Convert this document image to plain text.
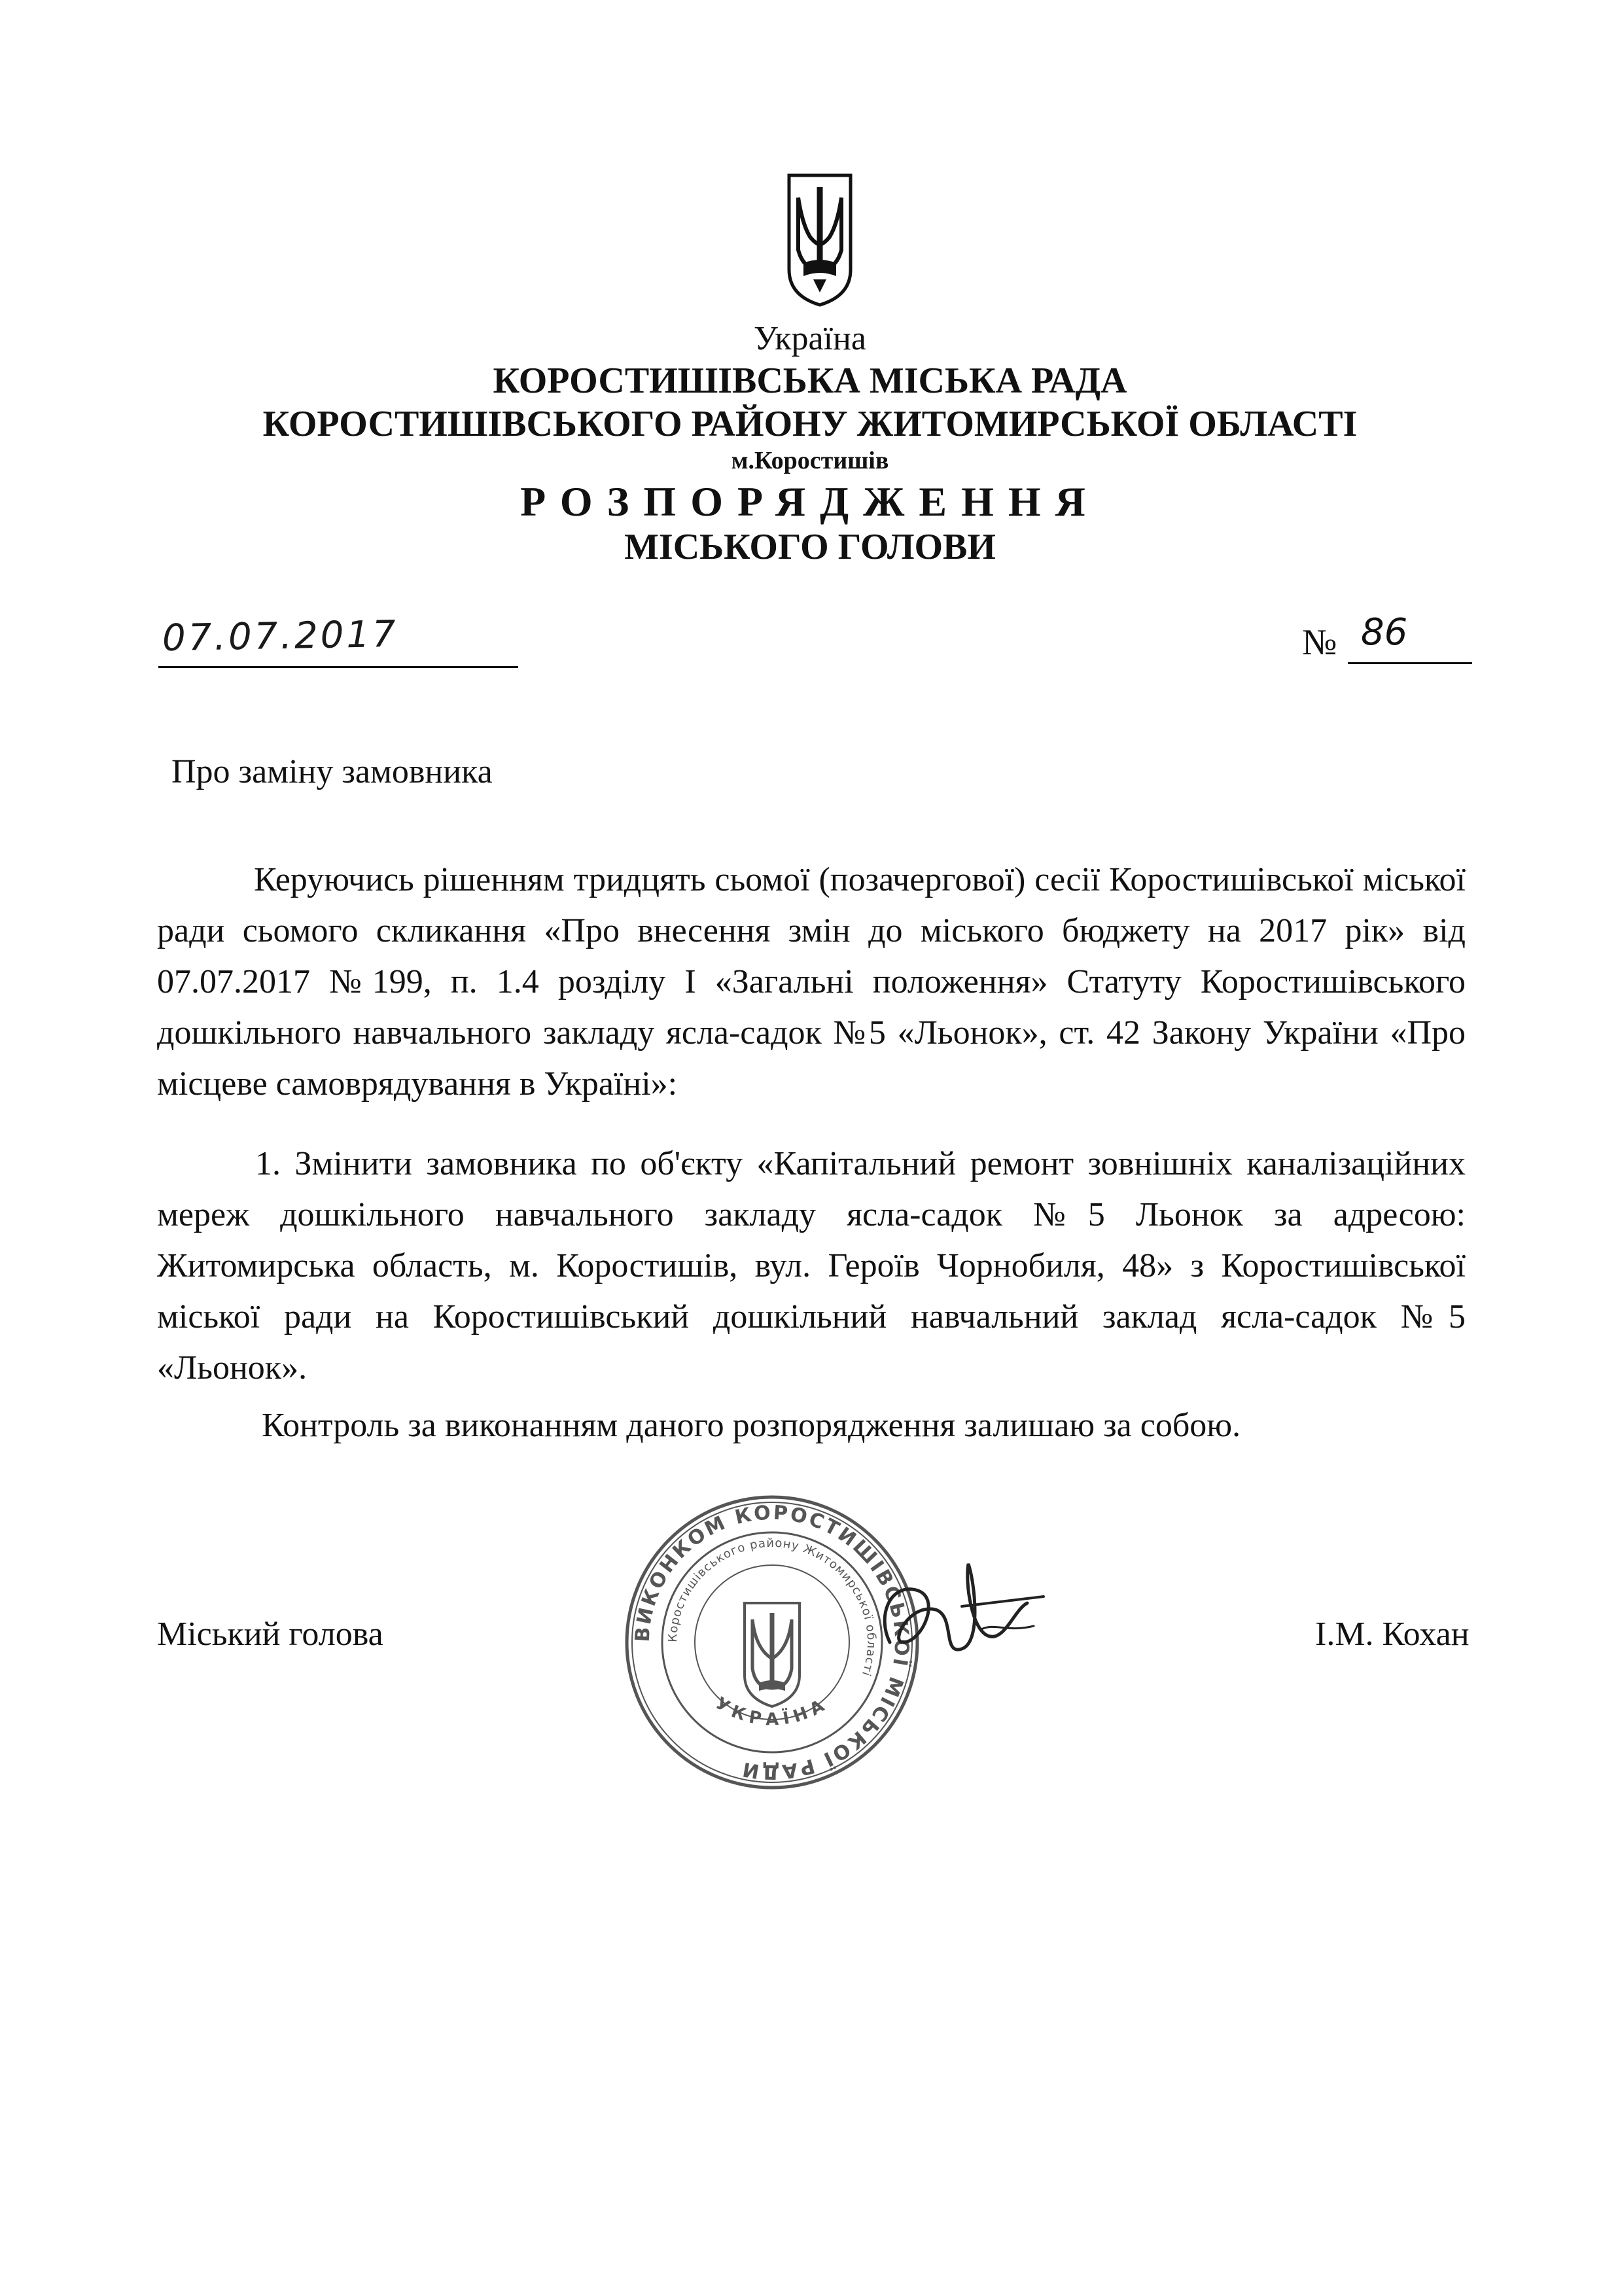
Україна
КОРОСТИШІВСЬКА МІСЬКА РАДА
КОРОСТИШІВСЬКОГО РАЙОНУ ЖИТОМИРСЬКОЇ ОБЛАСТІ
м.Коростишів
РОЗПОРЯДЖЕННЯ
МІСЬКОГО ГОЛОВИ
07.07.2017	№ 86
Про заміну замовника
Керуючись рішенням тридцять сьомої (позачергової) сесії Коростишівської міської ради сьомого скликання «Про внесення змін до міського бюджету на 2017 рік» від 07.07.2017 №199, п. 1.4 розділу І «Загальні положення» Статуту Коростишівського дошкільного навчального закладу ясла-садок №5 «Льонок», ст. 42 Закону України «Про місцеве самоврядування в Україні»:
1. Змінити замовника по об'єкту «Капітальний ремонт зовнішніх каналізаційних мереж дошкільного навчального закладу ясла-садок №5 Льонок за адресою: Житомирська область, м. Коростишів, вул. Героїв Чорнобиля, 48» з Коростишівської міської ради на Коростишівський дошкільний навчальний заклад ясла-садок №5 «Льонок».
Контроль за виконанням даного розпорядження залишаю за собою.
Міський голова	І.М. Кохан
ВИКОНКОМ КОРОСТИШІВСЬКОЇ МІСЬКОЇ РАДИ
Коростишівського району Житомирської області
УКРАЇНА
